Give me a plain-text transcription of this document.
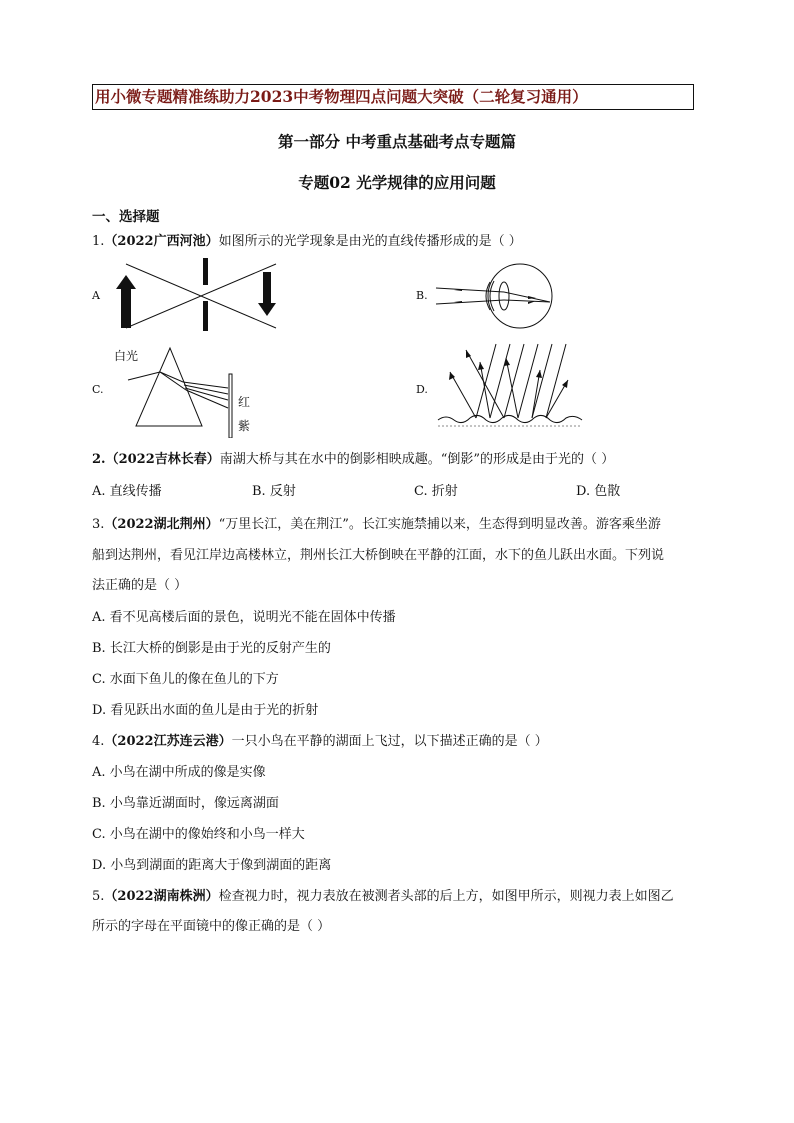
用小微专题精准练助力2023中考物理四点问题大突破（二轮复习通用）
第一部分 中考重点基础考点专题篇
专题02 光学规律的应用问题
一、选择题
1.（2022广西河池）如图所示的光学现象是由光的直线传播形成的是（ ）
A	B.
C.
白光
红
紫
D.
2.（2022吉林长春）南湖大桥与其在水中的倒影相映成趣。“倒影”的形成是由于光的（ ）
A. 直线传播	B. 反射	C. 折射	D. 色散
3.（2022湖北荆州）“万里长江，美在荆江”。长江实施禁捕以来，生态得到明显改善。游客乘坐游
船到达荆州，看见江岸边高楼林立，荆州长江大桥倒映在平静的江面，水下的鱼儿跃出水面。下列说
法正确的是（ ）
A. 看不见高楼后面的景色，说明光不能在固体中传播
B. 长江大桥的倒影是由于光的反射产生的
C. 水面下鱼儿的像在鱼儿的下方
D. 看见跃出水面的鱼儿是由于光的折射
4.（2022江苏连云港）一只小鸟在平静的湖面上飞过，以下描述正确的是（ ）
A. 小鸟在湖中所成的像是实像
B. 小鸟靠近湖面时，像远离湖面
C. 小鸟在湖中的像始终和小鸟一样大
D. 小鸟到湖面的距离大于像到湖面的距离
5.（2022湖南株洲）检查视力时，视力表放在被测者头部的后上方，如图甲所示，则视力表上如图乙
所示的字母在平面镜中的像正确的是（ ）
